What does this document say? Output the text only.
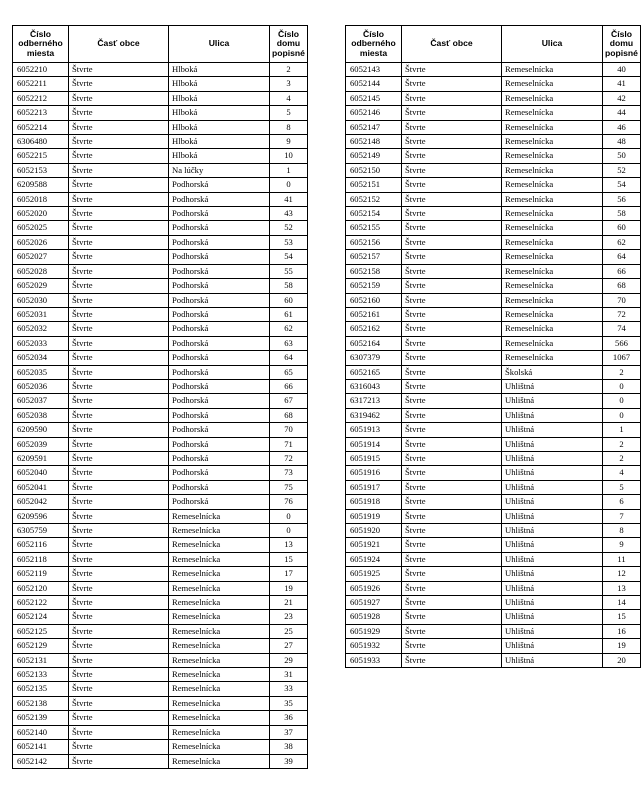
Číslo odberného miesta	Časť obce	Ulica	Číslo domu popisné
6052210	Štvrte	Hlboká	2
6052211	Štvrte	Hlboká	3
6052212	Štvrte	Hlboká	4
6052213	Štvrte	Hlboká	5
6052214	Štvrte	Hlboká	8
6306480	Štvrte	Hlboká	9
6052215	Štvrte	Hlboká	10
6052153	Štvrte	Na lúčky	1
6209588	Štvrte	Podhorská	0
6052018	Štvrte	Podhorská	41
6052020	Štvrte	Podhorská	43
6052025	Štvrte	Podhorská	52
6052026	Štvrte	Podhorská	53
6052027	Štvrte	Podhorská	54
6052028	Štvrte	Podhorská	55
6052029	Štvrte	Podhorská	58
6052030	Štvrte	Podhorská	60
6052031	Štvrte	Podhorská	61
6052032	Štvrte	Podhorská	62
6052033	Štvrte	Podhorská	63
6052034	Štvrte	Podhorská	64
6052035	Štvrte	Podhorská	65
6052036	Štvrte	Podhorská	66
6052037	Štvrte	Podhorská	67
6052038	Štvrte	Podhorská	68
6209590	Štvrte	Podhorská	70
6052039	Štvrte	Podhorská	71
6209591	Štvrte	Podhorská	72
6052040	Štvrte	Podhorská	73
6052041	Štvrte	Podhorská	75
6052042	Štvrte	Podhorská	76
6209596	Štvrte	Remeselnícka	0
6305759	Štvrte	Remeselnícka	0
6052116	Štvrte	Remeselnícka	13
6052118	Štvrte	Remeselnícka	15
6052119	Štvrte	Remeselnícka	17
6052120	Štvrte	Remeselnícka	19
6052122	Štvrte	Remeselnícka	21
6052124	Štvrte	Remeselnícka	23
6052125	Štvrte	Remeselnícka	25
6052129	Štvrte	Remeselnícka	27
6052131	Štvrte	Remeselnícka	29
6052133	Štvrte	Remeselnícka	31
6052135	Štvrte	Remeselnícka	33
6052138	Štvrte	Remeselnícka	35
6052139	Štvrte	Remeselnícka	36
6052140	Štvrte	Remeselnícka	37
6052141	Štvrte	Remeselnícka	38
6052142	Štvrte	Remeselnícka	39
Číslo odberného miesta	Časť obce	Ulica	Číslo domu popisné
6052143	Štvrte	Remeselnícka	40
6052144	Štvrte	Remeselnícka	41
6052145	Štvrte	Remeselnícka	42
6052146	Štvrte	Remeselnícka	44
6052147	Štvrte	Remeselnícka	46
6052148	Štvrte	Remeselnícka	48
6052149	Štvrte	Remeselnícka	50
6052150	Štvrte	Remeselnícka	52
6052151	Štvrte	Remeselnícka	54
6052152	Štvrte	Remeselnícka	56
6052154	Štvrte	Remeselnícka	58
6052155	Štvrte	Remeselnícka	60
6052156	Štvrte	Remeselnícka	62
6052157	Štvrte	Remeselnícka	64
6052158	Štvrte	Remeselnícka	66
6052159	Štvrte	Remeselnícka	68
6052160	Štvrte	Remeselnícka	70
6052161	Štvrte	Remeselnícka	72
6052162	Štvrte	Remeselnícka	74
6052164	Štvrte	Remeselnícka	566
6307379	Štvrte	Remeselnícka	1067
6052165	Štvrte	Školská	2
6316043	Štvrte	Uhlištná	0
6317213	Štvrte	Uhlištná	0
6319462	Štvrte	Uhlištná	0
6051913	Štvrte	Uhlištná	1
6051914	Štvrte	Uhlištná	2
6051915	Štvrte	Uhlištná	2
6051916	Štvrte	Uhlištná	4
6051917	Štvrte	Uhlištná	5
6051918	Štvrte	Uhlištná	6
6051919	Štvrte	Uhlištná	7
6051920	Štvrte	Uhlištná	8
6051921	Štvrte	Uhlištná	9
6051924	Štvrte	Uhlištná	11
6051925	Štvrte	Uhlištná	12
6051926	Štvrte	Uhlištná	13
6051927	Štvrte	Uhlištná	14
6051928	Štvrte	Uhlištná	15
6051929	Štvrte	Uhlištná	16
6051932	Štvrte	Uhlištná	19
6051933	Štvrte	Uhlištná	20
